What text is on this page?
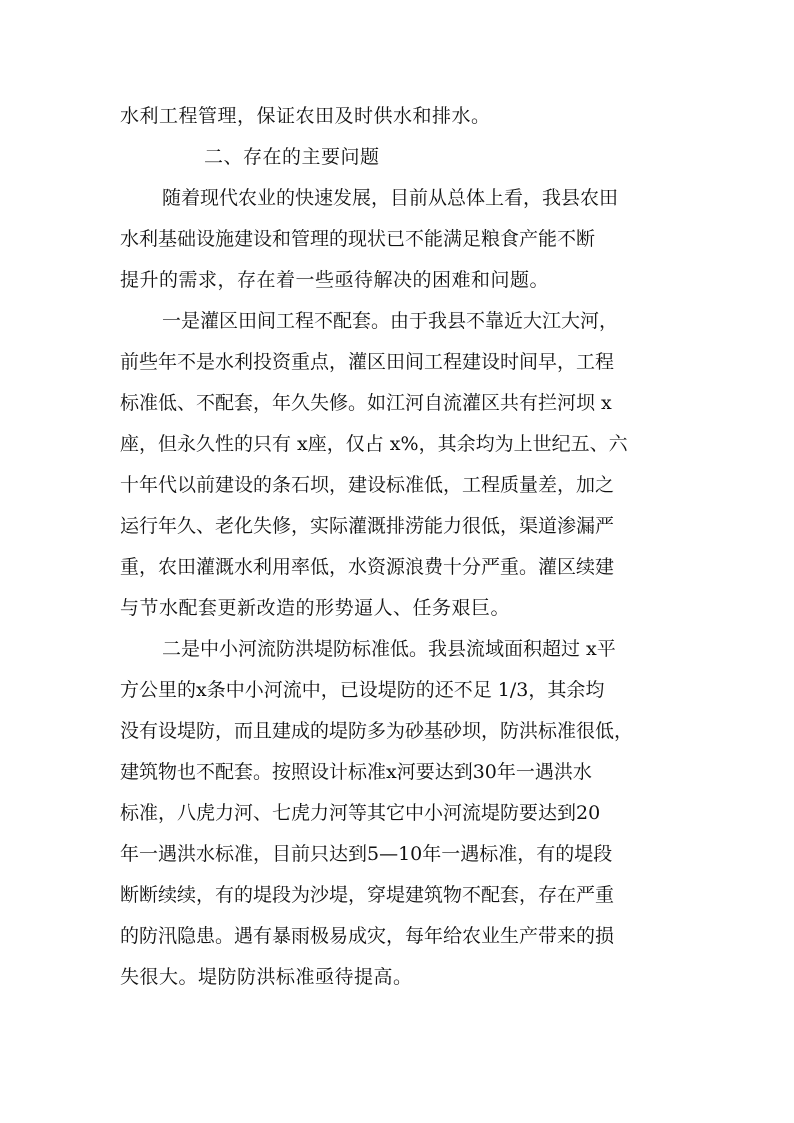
水利工程管理，保证农田及时供水和排水。
二、存在的主要问题
随着现代农业的快速发展，目前从总体上看，我县农田
水利基础设施建设和管理的现状已不能满足粮食产能不断
提升的需求，存在着一些亟待解决的困难和问题。
一是灌区田间工程不配套。由于我县不靠近大江大河，
前些年不是水利投资重点，灌区田间工程建设时间早，工程
标准低、不配套，年久失修。如江河自流灌区共有拦河坝 x
座，但永久性的只有 x座，仅占 x%，其余均为上世纪五、六
十年代以前建设的条石坝，建设标准低，工程质量差，加之
运行年久、老化失修，实际灌溉排涝能力很低，渠道渗漏严
重，农田灌溉水利用率低，水资源浪费十分严重。灌区续建
与节水配套更新改造的形势逼人、任务艰巨。
二是中小河流防洪堤防标准低。我县流域面积超过 x平
方公里的x条中小河流中，已设堤防的还不足 1/3，其余均
没有设堤防，而且建成的堤防多为砂基砂坝，防洪标准很低，
建筑物也不配套。按照设计标准x河要达到30年一遇洪水
标准，八虎力河、七虎力河等其它中小河流堤防要达到20
年一遇洪水标准，目前只达到5—10年一遇标准，有的堤段
断断续续，有的堤段为沙堤，穿堤建筑物不配套，存在严重
的防汛隐患。遇有暴雨极易成灾，每年给农业生产带来的损
失很大。堤防防洪标准亟待提高。
